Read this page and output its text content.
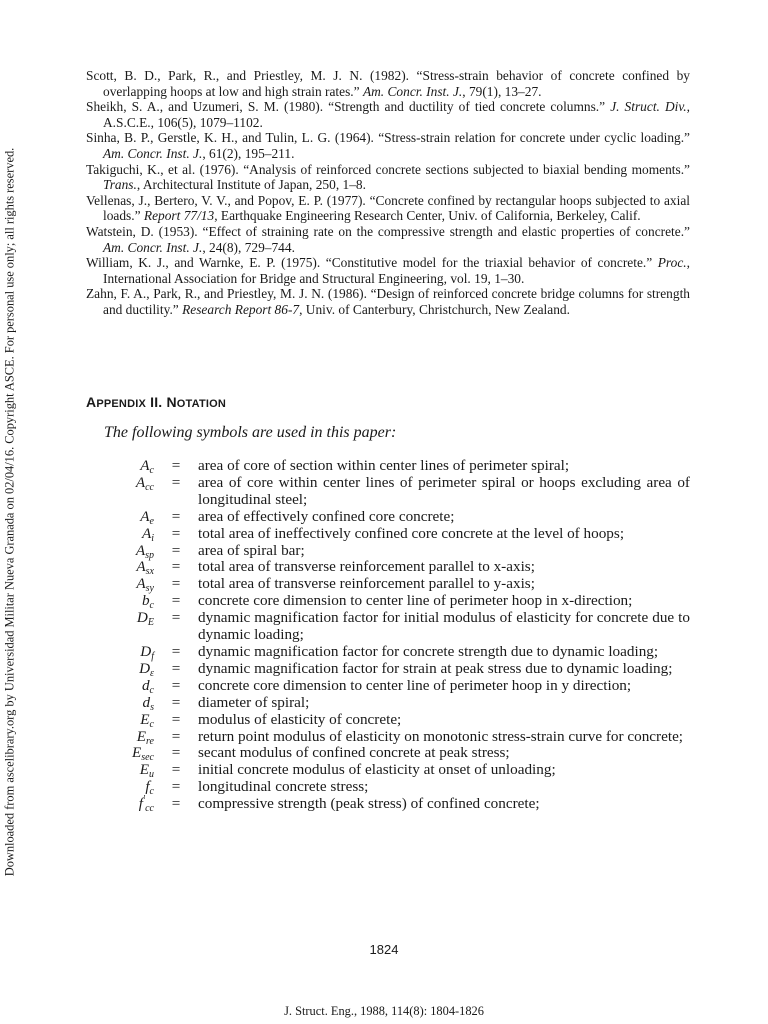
Downloaded from ascelibrary.org by Universidad Militar Nueva Granada on 02/04/16. Copyright ASCE. For personal use only; all rights reserved.
Scott, B. D., Park, R., and Priestley, M. J. N. (1982). “Stress-strain behavior of concrete confined by overlapping hoops at low and high strain rates.” Am. Concr. Inst. J., 79(1), 13–27.
Sheikh, S. A., and Uzumeri, S. M. (1980). “Strength and ductility of tied concrete columns.” J. Struct. Div., A.S.C.E., 106(5), 1079–1102.
Sinha, B. P., Gerstle, K. H., and Tulin, L. G. (1964). “Stress-strain relation for concrete under cyclic loading.” Am. Concr. Inst. J., 61(2), 195–211.
Takiguchi, K., et al. (1976). “Analysis of reinforced concrete sections subjected to biaxial bending moments.” Trans., Architectural Institute of Japan, 250, 1–8.
Vellenas, J., Bertero, V. V., and Popov, E. P. (1977). “Concrete confined by rectangular hoops subjected to axial loads.” Report 77/13, Earthquake Engineering Research Center, Univ. of California, Berkeley, Calif.
Watstein, D. (1953). “Effect of straining rate on the compressive strength and elastic properties of concrete.” Am. Concr. Inst. J., 24(8), 729–744.
William, K. J., and Warnke, E. P. (1975). “Constitutive model for the triaxial behavior of concrete.” Proc., International Association for Bridge and Structural Engineering, vol. 19, 1–30.
Zahn, F. A., Park, R., and Priestley, M. J. N. (1986). “Design of reinforced concrete bridge columns for strength and ductility.” Research Report 86-7, Univ. of Canterbury, Christchurch, New Zealand.
APPENDIX II. NOTATION
The following symbols are used in this paper:
$A_c$	=	area of core of section within center lines of perimeter spiral;
$A_{cc}$	=	area of core within center lines of perimeter spiral or hoops excluding area of longitudinal steel;
$A_e$	=	area of effectively confined core concrete;
$A_i$	=	total area of ineffectively confined core concrete at the level of hoops;
$A_{sp}$	=	area of spiral bar;
$A_{sx}$	=	total area of transverse reinforcement parallel to x-axis;
$A_{sy}$	=	total area of transverse reinforcement parallel to y-axis;
$b_c$	=	concrete core dimension to center line of perimeter hoop in x-direction;
$D_E$	=	dynamic magnification factor for initial modulus of elasticity for concrete due to dynamic loading;
$D_f$	=	dynamic magnification factor for concrete strength due to dynamic loading;
$D_\varepsilon$	=	dynamic magnification factor for strain at peak stress due to dynamic loading;
$d_c$	=	concrete core dimension to center line of perimeter hoop in y direction;
$d_s$	=	diameter of spiral;
$E_c$	=	modulus of elasticity of concrete;
$E_{re}$	=	return point modulus of elasticity on monotonic stress-strain curve for concrete;
$E_{sec}$	=	secant modulus of confined concrete at peak stress;
$E_u$	=	initial concrete modulus of elasticity at onset of unloading;
$f_c$	=	longitudinal concrete stress;
$f'_{cc}$	=	compressive strength (peak stress) of confined concrete;
1824
J. Struct. Eng., 1988, 114(8): 1804-1826
